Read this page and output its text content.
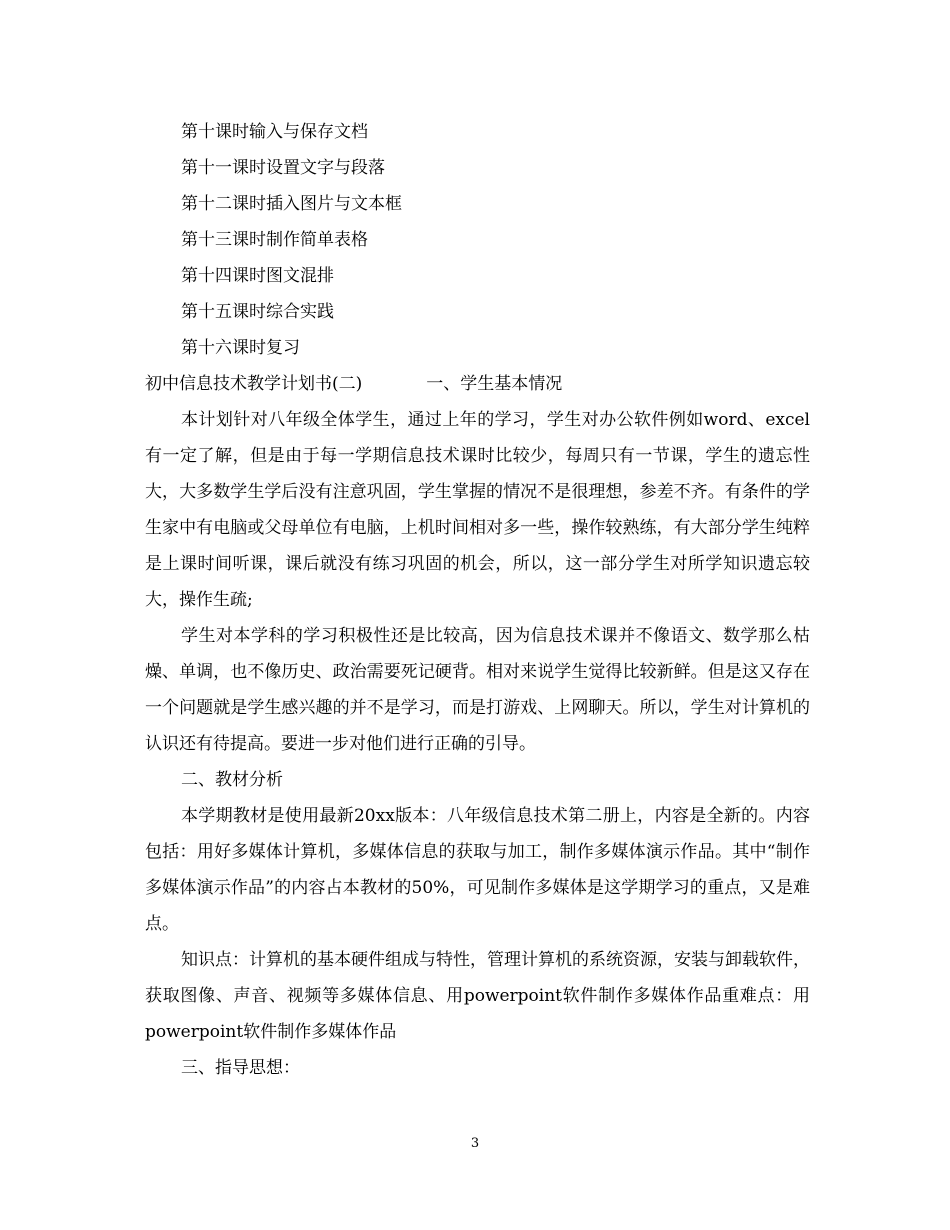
第十课时输入与保存文档
第十一课时设置文字与段落
第十二课时插入图片与文本框
第十三课时制作简单表格
第十四课时图文混排
第十五课时综合实践
第十六课时复习
初中信息技术教学计划书(二)	一、学生基本情况
本计划针对八年级全体学生，通过上年的学习，学生对办公软件例如word、excel有一定了解，但是由于每一学期信息技术课时比较少，每周只有一节课，学生的遗忘性大，大多数学生学后没有注意巩固，学生掌握的情况不是很理想，参差不齐。有条件的学生家中有电脑或父母单位有电脑，上机时间相对多一些，操作较熟练，有大部分学生纯粹是上课时间听课，课后就没有练习巩固的机会，所以，这一部分学生对所学知识遗忘较大，操作生疏;
学生对本学科的学习积极性还是比较高，因为信息技术课并不像语文、数学那么枯燥、单调，也不像历史、政治需要死记硬背。相对来说学生觉得比较新鲜。但是这又存在一个问题就是学生感兴趣的并不是学习，而是打游戏、上网聊天。所以，学生对计算机的认识还有待提高。要进一步对他们进行正确的引导。
二、教材分析
本学期教材是使用最新20xx版本：八年级信息技术第二册上，内容是全新的。内容包括：用好多媒体计算机，多媒体信息的获取与加工，制作多媒体演示作品。其中“制作多媒体演示作品”的内容占本教材的50%，可见制作多媒体是这学期学习的重点，又是难点。
知识点：计算机的基本硬件组成与特性，管理计算机的系统资源，安装与卸载软件，获取图像、声音、视频等多媒体信息、用powerpoint软件制作多媒体作品重难点：用powerpoint软件制作多媒体作品
三、指导思想：
3
